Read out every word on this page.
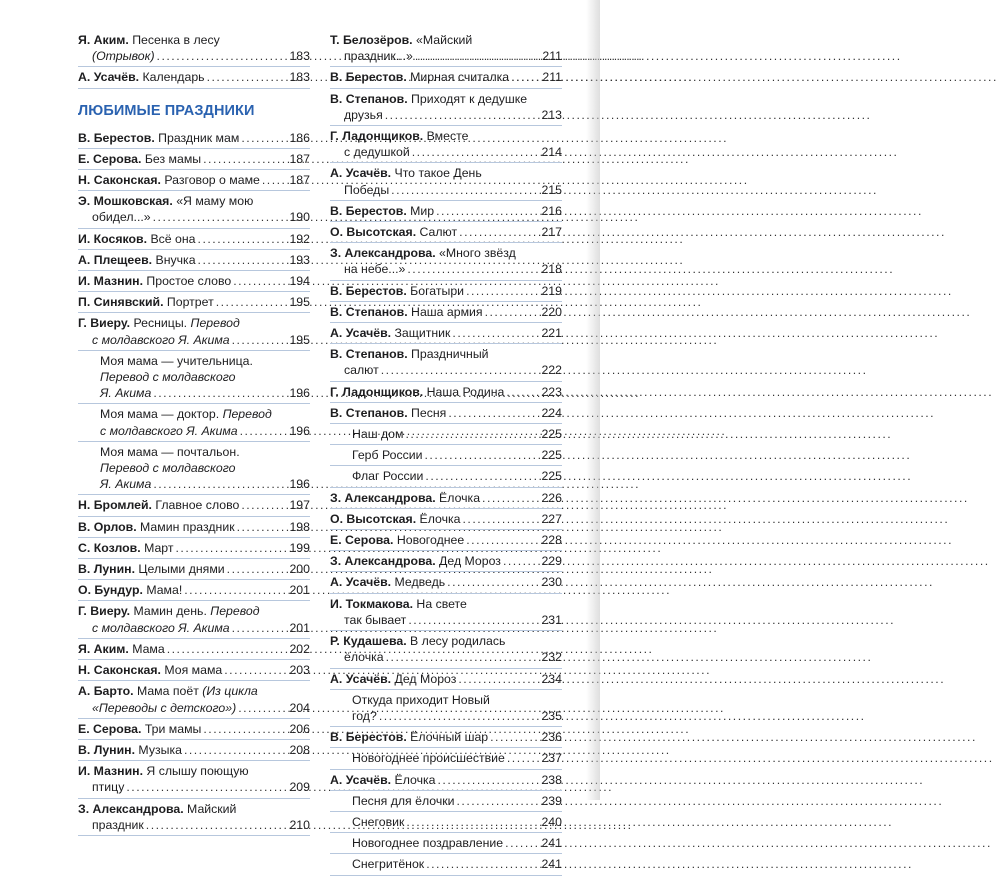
Я. Аким. Песенка в лесу
(Отрывок) .....	183
А. Усачёв. Календарь .....	183
ЛЮБИМЫЕ ПРАЗДНИКИ
В. Берестов. Праздник мам .....	186
Е. Серова. Без мамы .....	187
Н. Саконская. Разговор о маме ..... 187
Э. Мошковская. «Я маму мою
обидел...» .....	190
И. Косяков. Всё она .....	192
А. Плещеев. Внучка .....	193
И. Мазнин. Простое слово .....	194
П. Синявский. Портрет .....	195
Г. Виеру. Ресницы. Перевод
с молдавского Я. Акима .....	195
Моя мама — учительница.
Перевод с молдавского
Я. Акима .....	196
Моя мама — доктор. Перевод
с молдавского Я. Акима .....	196
Моя мама — почтальон.
Перевод с молдавского
Я. Акима .....	196
Н. Бромлей. Главное слово .....	197
В. Орлов. Мамин праздник .....	198
С. Козлов. Март .....	199
В. Лунин. Целыми днями .....	200
О. Бундур. Мама! .....	201
Г. Виеру. Мамин день. Перевод
с молдавского Я. Акима .....	201
Я. Аким. Мама .....	202
Н. Саконская. Моя мама .....	203
А. Барто. Мама поёт (Из цикла
«Переводы с детского») .....	204
Е. Серова. Три мамы .....	206
В. Лунин. Музыка .....	208
И. Мазнин. Я слышу поющую
птицу .....	209
З. Александрова. Майский
праздник .....	210
Т. Белозёров. «Майский
праздник...» .....	211
В. Берестов. Мирная считалка .....	211
В. Степанов. Приходят к дедушке
друзья .....	213
Г. Ладонщиков. Вместе
с дедушкой .....	214
А. Усачёв. Что такое День
Победы .....	215
В. Берестов. Мир .....	216
О. Высотская. Салют .....	217
З. Александрова. «Много звёзд
на небе...» .....	218
В. Берестов. Богатыри .....	219
В. Степанов. Наша армия .....	220
А. Усачёв. Защитник .....	221
В. Степанов. Праздничный
салют .....	222
Г. Ладонщиков. Наша Родина .....	223
В. Степанов. Песня .....	224
Наш дом .....	225
Герб России .....	225
Флаг России .....	225
З. Александрова. Ёлочка .....	226
О. Высотская. Ёлочка .....	227
Е. Серова. Новогоднее .....	228
З. Александрова. Дед Мороз .....	229
А. Усачёв. Медведь .....	230
И. Токмакова. На свете
так бывает .....	231
Р. Кудашева. В лесу родилась
ёлочка .....	232
А. Усачёв. Дед Мороз .....	234
Откуда приходит Новый
год? .....	235
В. Берестов. Ёлочный шар .....	236
Новогоднее происшествие .....	237
А. Усачёв. Ёлочка .....	238
Песня для ёлочки .....	239
Снеговик .....	240
Новогоднее поздравление .....	241
Снегритёнок .....	241
